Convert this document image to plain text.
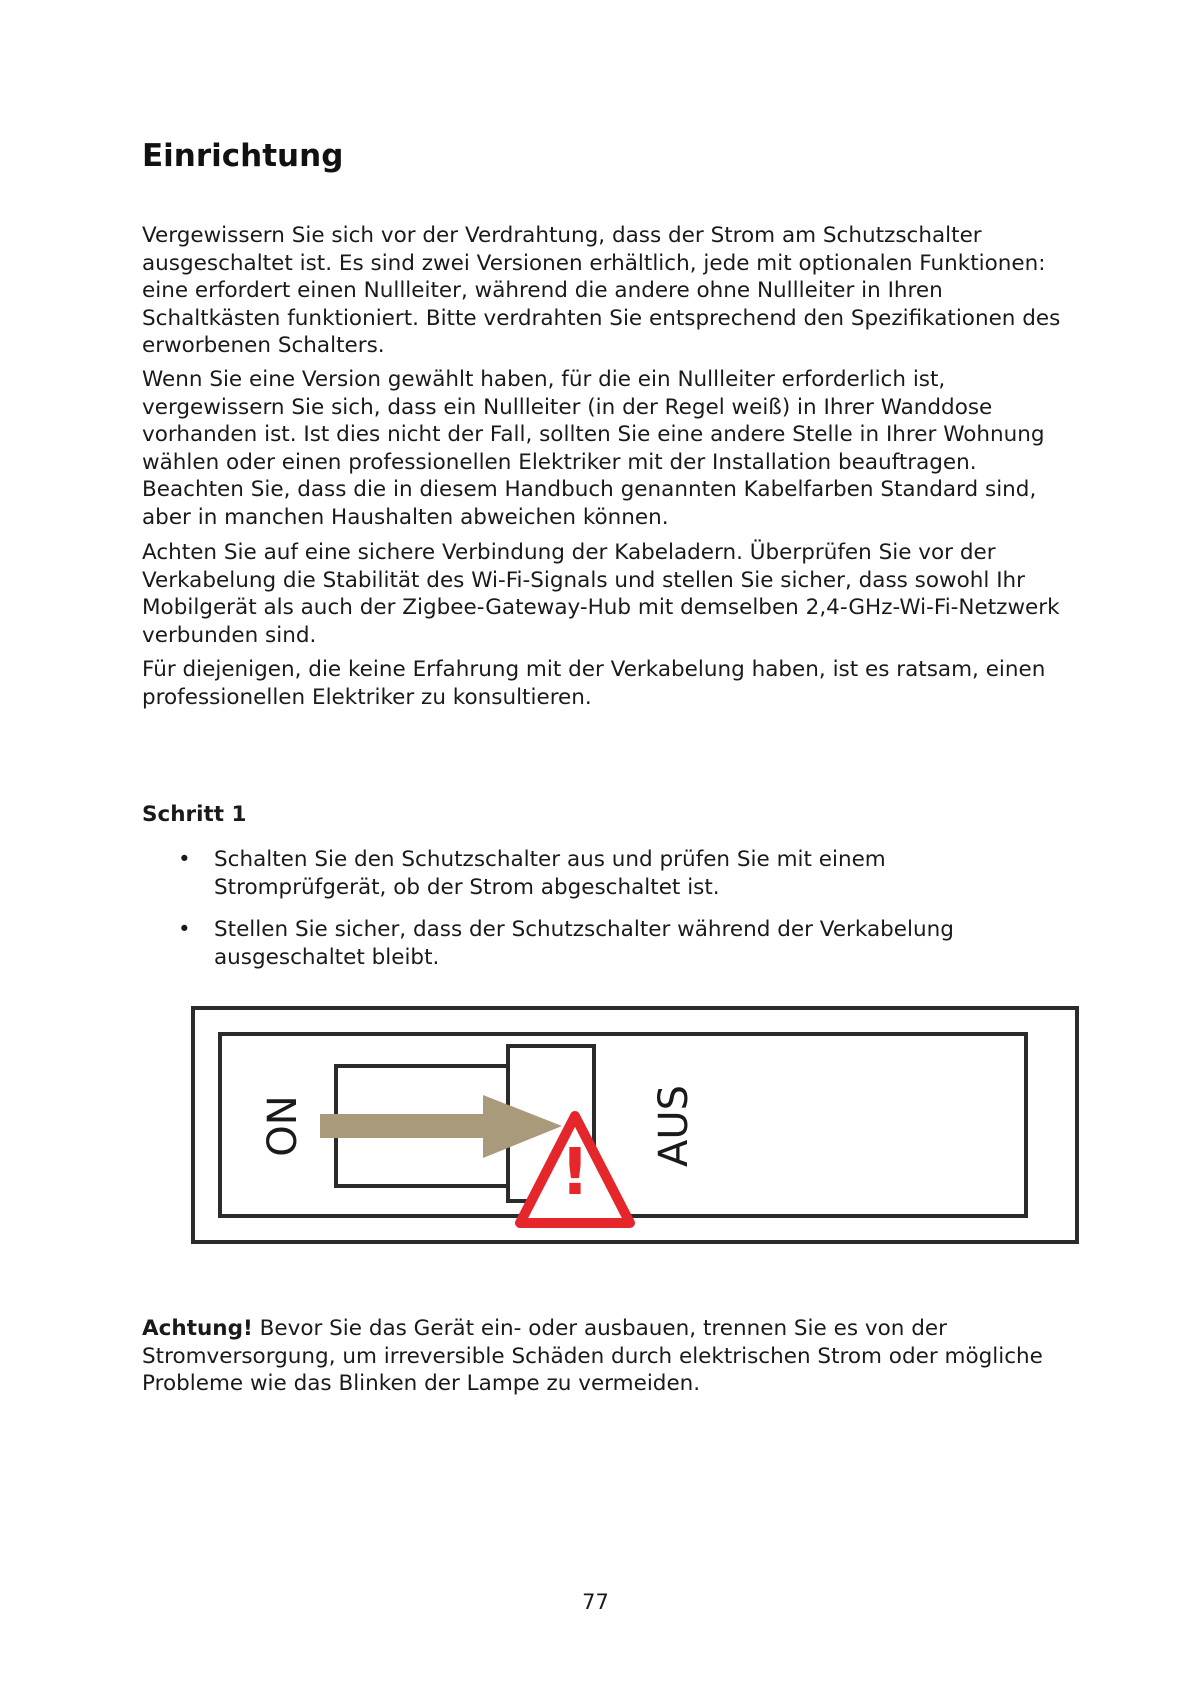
Einrichtung

Vergewissern Sie sich vor der Verdrahtung, dass der Strom am Schutzschalter ausgeschaltet ist. Es sind zwei Versionen erhältlich, jede mit optionalen Funktionen: eine erfordert einen Nullleiter, während die andere ohne Nullleiter in Ihren Schaltkästen funktioniert. Bitte verdrahten Sie entsprechend den Spezifikationen des erworbenen Schalters.

Wenn Sie eine Version gewählt haben, für die ein Nullleiter erforderlich ist, vergewissern Sie sich, dass ein Nullleiter (in der Regel weiß) in Ihrer Wanddose vorhanden ist. Ist dies nicht der Fall, sollten Sie eine andere Stelle in Ihrer Wohnung wählen oder einen professionellen Elektriker mit der Installation beauftragen. Beachten Sie, dass die in diesem Handbuch genannten Kabelfarben Standard sind, aber in manchen Haushalten abweichen können.

Achten Sie auf eine sichere Verbindung der Kabeladern. Überprüfen Sie vor der Verkabelung die Stabilität des Wi-Fi-Signals und stellen Sie sicher, dass sowohl Ihr Mobilgerät als auch der Zigbee-Gateway-Hub mit demselben 2,4-GHz-Wi-Fi-Netzwerk verbunden sind.

Für diejenigen, die keine Erfahrung mit der Verkabelung haben, ist es ratsam, einen professionellen Elektriker zu konsultieren.

Schritt 1
• Schalten Sie den Schutzschalter aus und prüfen Sie mit einem Stromprüfgerät, ob der Strom abgeschaltet ist.
• Stellen Sie sicher, dass der Schutzschalter während der Verkabelung ausgeschaltet bleibt.
ON	AUS
!

Achtung! Bevor Sie das Gerät ein- oder ausbauen, trennen Sie es von der Stromversorgung, um irreversible Schäden durch elektrischen Strom oder mögliche Probleme wie das Blinken der Lampe zu vermeiden.

77
